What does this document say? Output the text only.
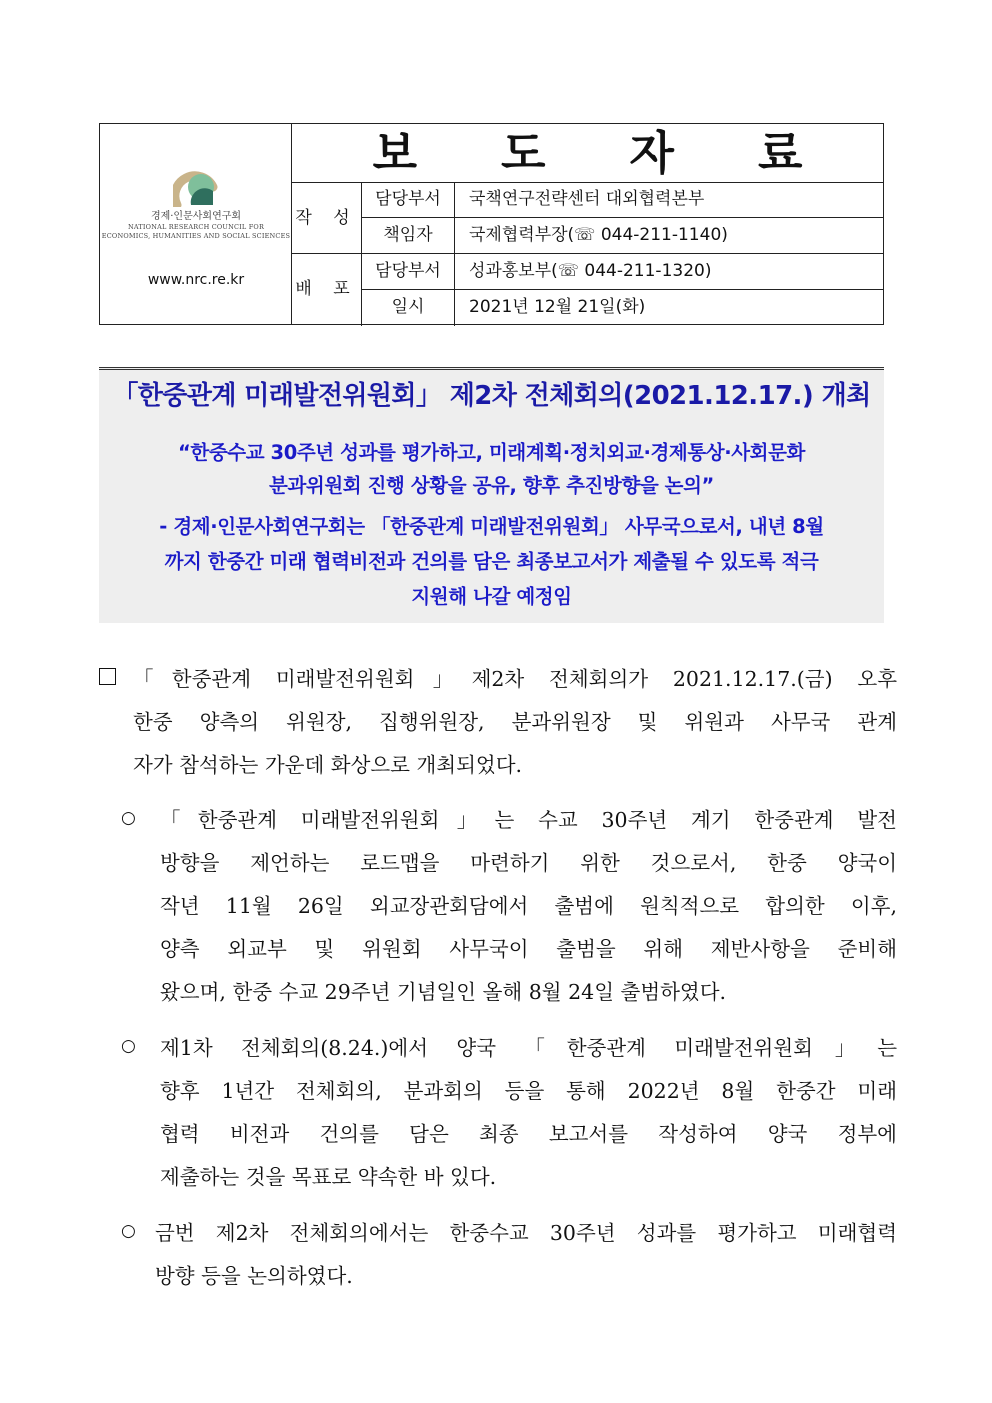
경제·인문사회연구회
NATIONAL RESEARCH COUNCIL FOR
ECONOMICS, HUMANITIES AND SOCIAL SCIENCES
www.nrc.re.kr
보 도 자 료
작 성
배 포
담당부서	국책연구전략센터 대외협력본부
책임자	국제협력부장(☏ 044-211-1140)
담당부서	성과홍보부(☏ 044-211-1320)
일시	2021년 12월 21일(화)
「한중관계 미래발전위원회」 제2차 전체회의(2021.12.17.) 개최
“한중수교 30주년 성과를 평가하고, 미래계획·정치외교·경제통상·사회문화
분과위원회 진행 상황을 공유, 향후 추진방향을 논의”
- 경제·인문사회연구회는 「한중관계 미래발전위원회」 사무국으로서, 내년 8월
까지 한중간 미래 협력비전과 건의를 담은 최종보고서가 제출될 수 있도록 적극
지원해 나갈 예정임
「한중관계 미래발전위원회」제2차 전체회의가 2021.12.17.(금) 오후
한중 양측의 위원장, 집행위원장, 분과위원장 및 위원과 사무국 관계
자가 참석하는 가운데 화상으로 개최되었다.
○ 「한중관계 미래발전위원회」는 수교 30주년 계기 한중관계 발전
방향을 제언하는 로드맵을 마련하기 위한 것으로서, 한중 양국이
작년 11월 26일 외교장관회담에서 출범에 원칙적으로 합의한 이후,
양측 외교부 및 위원회 사무국이 출범을 위해 제반사항을 준비해
왔으며, 한중 수교 29주년 기념일인 올해 8월 24일 출범하였다.
○ 제1차 전체회의(8.24.)에서 양국 「한중관계 미래발전위원회」는
향후 1년간 전체회의, 분과회의 등을 통해 2022년 8월 한중간 미래
협력 비전과 건의를 담은 최종 보고서를 작성하여 양국 정부에
제출하는 것을 목표로 약속한 바 있다.
○ 금번 제2차 전체회의에서는 한중수교 30주년 성과를 평가하고 미래협력
방향 등을 논의하였다.
